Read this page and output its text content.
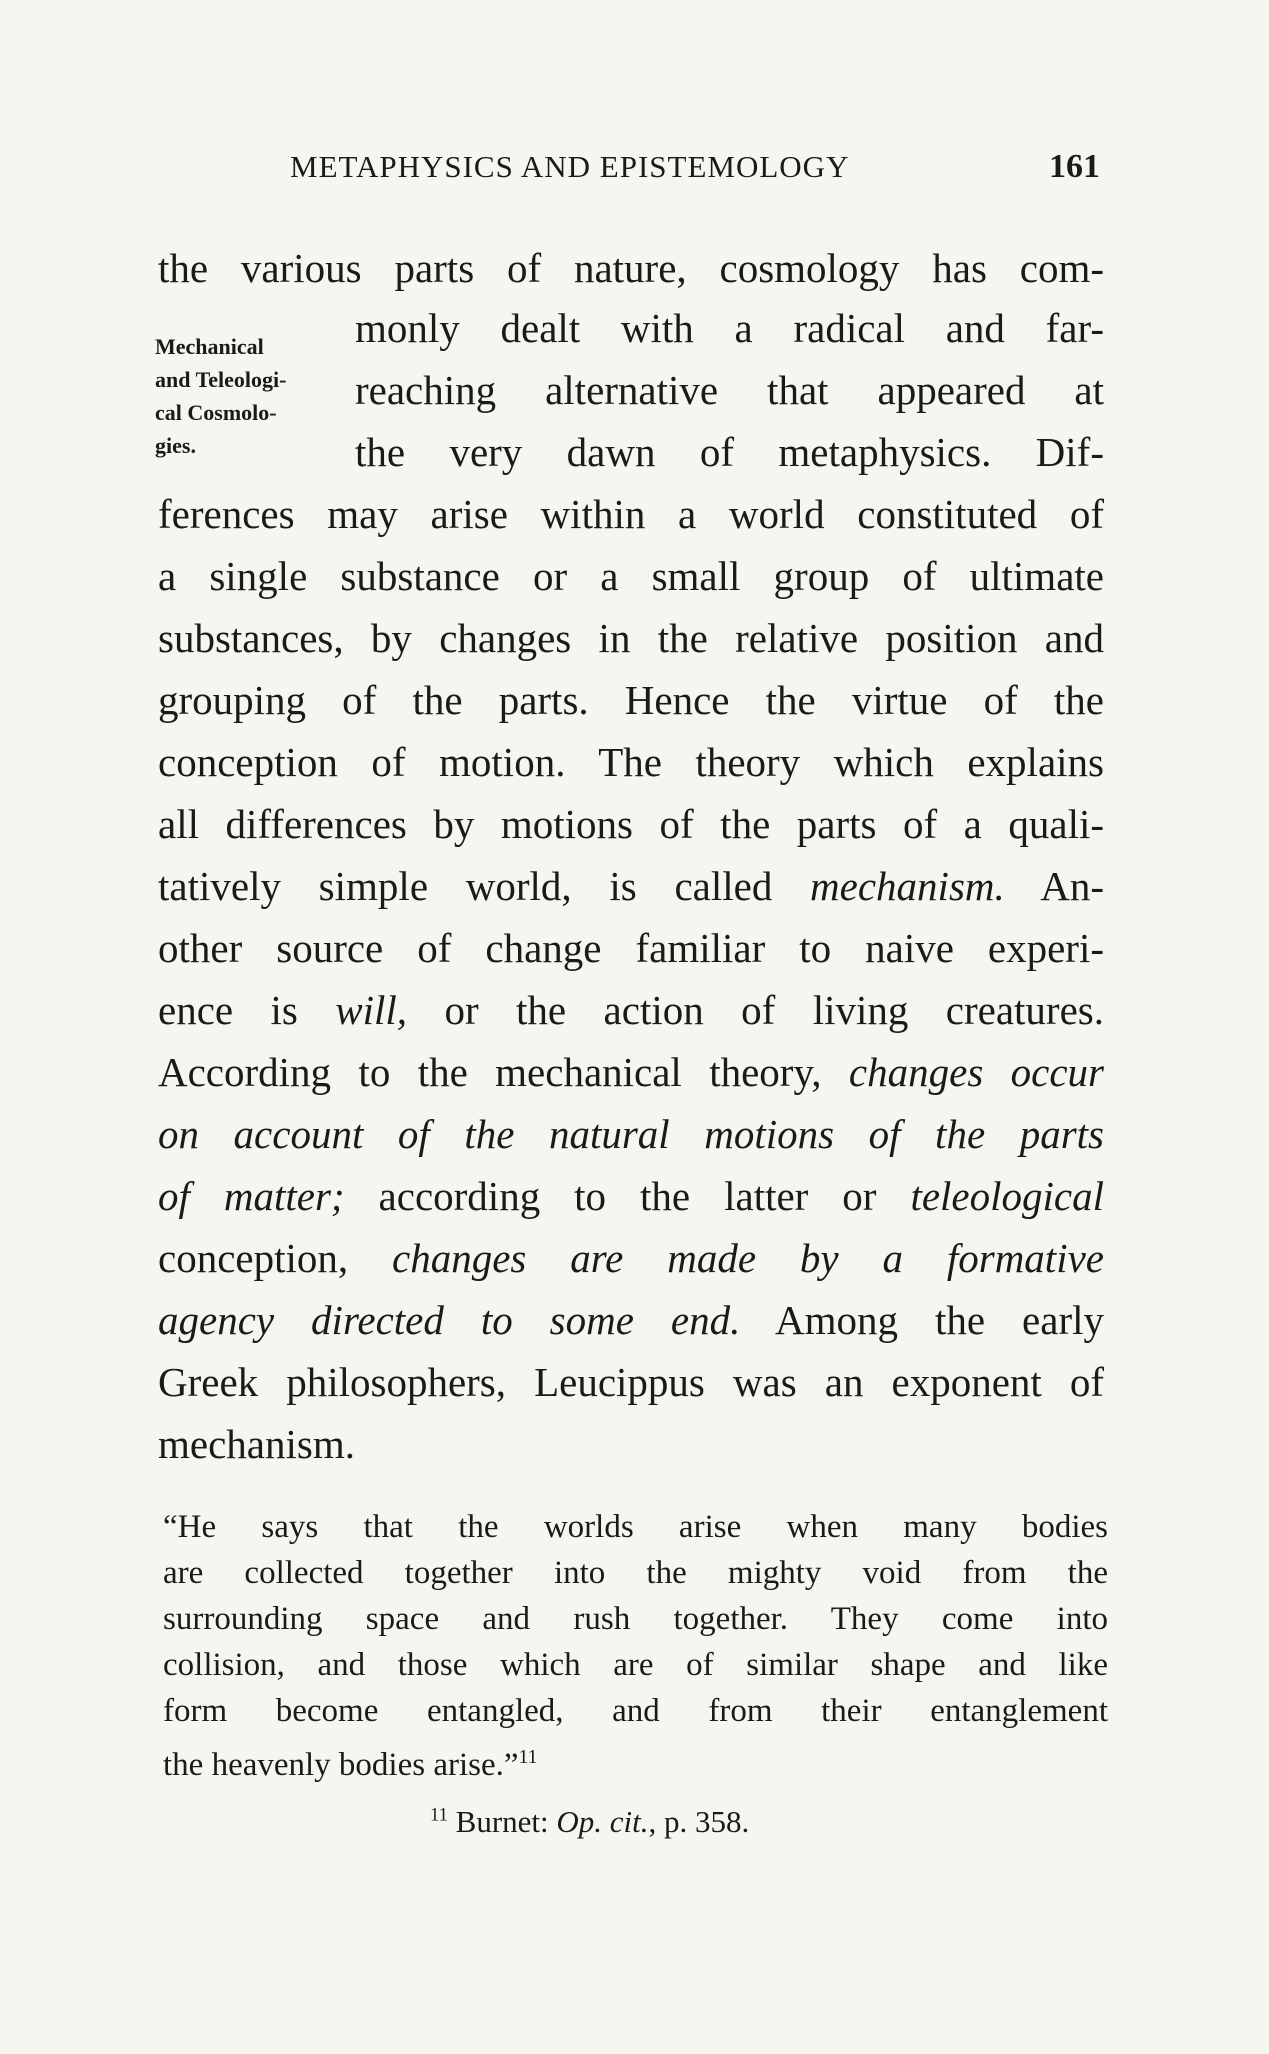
METAPHYSICS AND EPISTEMOLOGY	161
Mechanical
and Teleologi-
cal Cosmolo-
gies.
the various parts of nature, cosmology has com-
monly dealt with a radical and far-
reaching alternative that appeared at
the very dawn of metaphysics. Dif-
ferences may arise within a world constituted of
a single substance or a small group of ultimate
substances, by changes in the relative position and
grouping of the parts. Hence the virtue of the
conception of motion. The theory which explains
all differences by motions of the parts of a quali-
tatively simple world, is called mechanism. An-
other source of change familiar to naive experi-
ence is will, or the action of living creatures.
According to the mechanical theory, changes occur
on account of the natural motions of the parts
of matter; according to the latter or teleological
conception, changes are made by a formative
agency directed to some end. Among the early
Greek philosophers, Leucippus was an exponent of
mechanism.
“He says that the worlds arise when many bodies
are collected together into the mighty void from the
surrounding space and rush together. They come into
collision, and those which are of similar shape and like
form become entangled, and from their entanglement
the heavenly bodies arise.”$^{11}$
$^{11}$ Burnet: Op. cit., p. 358.
